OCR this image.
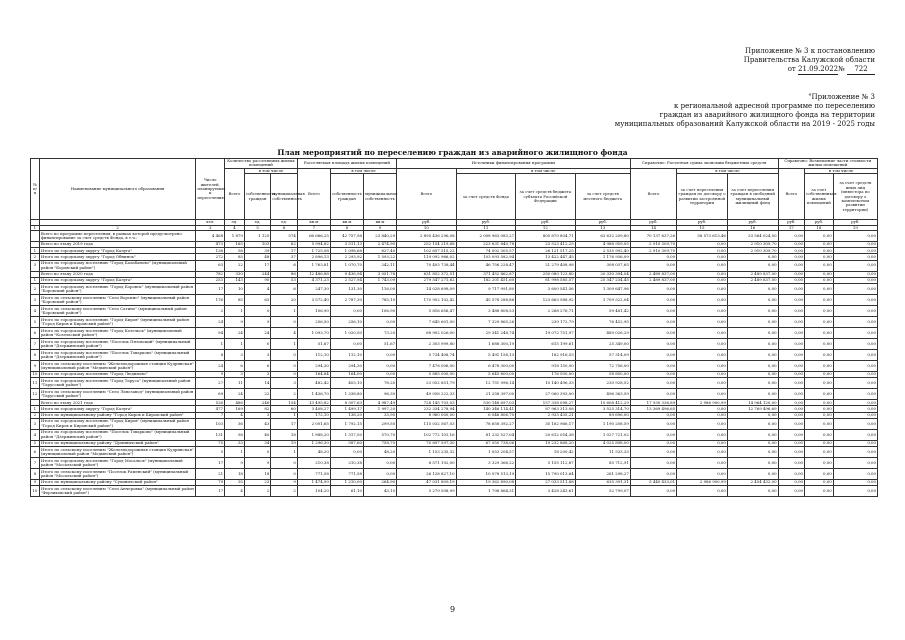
Приложение № 3 к постановлению
Правительства Калужской области
от 21.09.2022№ 722
"Приложение № 3
к региональной адресной программе по переселению
граждан из аварийного жилищного фонда на территории
муниципальных образований Калужской области на 2019 - 2025 годы
План мероприятий по переселению граждан из аварийного жилищного фонда
№ п/п	Наименование муниципального образования	Число жителей, планируемых к переселению	Количество расселяемых жилых помещений			Расселяемая площадь жилых помещений			Источники финансирования программы				Справочно: Расчетная сумма экономии бюджетных средств			Справочно: Возмещение части стоимости жилых помещений		
			Всего	в том числе		Всего	в том числе		Всего	в том числе			Всего	в том числе		Всего	в том числе	
				собственность граждан	муниципальная собственность		собственность граждан	муниципальная собственность		за счет средств Фонда	за счет средств бюджета субъекта Российской Федерации	за счет средств местного бюджета		за счет переселения граждан по договору о развитии застроенной территории	за счет переселения граждан в свободный муниципальный жилищный фонд		за счет собственников жилых помещений	за счет средств иных лиц (инвестора по договору о комплексном развитии территории)
		чел.	ед.	ед.	ед.	кв.м	кв.м	кв.м	руб.	руб.	руб.	руб.	руб.	руб.	руб.	руб.	руб.	руб.
1	2	3	4	5	6	7	8	9	10	11	12	13	14	15	16	17	18	19
	Всего по программе переселения, в рамках которой предусмотрено финансирование за счет средств Фонда, в т.ч.:	4 468	1 879	1 125	574	66 666,25	42 757,98	23 840,29	2 895 436 296,08	2 008 963 083,27	805 870 804,71	63 632 209,80	70 137 637,26	58 573 613,46	33 564 024,00	0,00	0,00	0,00
	Всего по этапу 2019 года	473	165	103	62	5 994,82	3 511,13	2 474,90	252 154 219,68	223 631 840,78	23 523 412,25	4 988 959,05	2 910 309,70	0,00	2 910 309,70	0,00	0,00	0,00
1	Итого по городскому округу "Город Калуга"	138	58	39	17	1 725,08	1 098,68	627,40	102 657 515,22	74 002 305,57	26 121 517,25	2 535 992,40	2 910 309,70	0,00	2 910 309,70	0,00	0,00	0,00
2	Итого по городскому округу "Город Обнинск"	272	85	48	37	2 896,13	2 293,92	1 593,22	119 092 966,02	103 093 582,94	13 422 447,45	1 176 936,09	0,00	0,00	0,00	0,00	0,00	0,00
3	Итого по городскому поселению "Город Балабаново" (муниципальный район "Боровский район")	63	22	17	6	1 763,81	1 070,70	242,11	70 403 738,44	46 756 228,47	21 279 408,98	308 037,65	0,00	0,00	0,00	0,00	0,00	0,00
	Всего по этапу 2020 года	782	330	244	86	12 486,88	9 436,94	3 051,76	631 852 372,51	371 452 862,87	250 080 123,80	20 330 394,04	2 489 837,00	0,00	2 489 837,00	0,00	0,00	0,00
1	Итого по городскому округу "Город Калуга"	253	143	90	53	4 371,23	2 527,94	1 743,09	279 547 271,62	182 201 451,60	81 998 585,57	25 347 234,45	2 489 837,00	0,00	2 489 837,00	0,00	0,00	0,00
2	Итого по городскому поселению "Город Боровск" (муниципальный район "Боровский район")	17	10	4	6	247,30	131,30	116,00	14 028 698,09	9 717 991,80	3 600 541,56	1 309 647,96	0,00	0,00	0,00	0,00	0,00	0,00
3	Итого по сельскому поселению "Село Ворсино" (муниципальный район "Боровский район")	176	85	63	20	3 572,40	2 787,30	785,10	170 952 102,42	45 578 288,86	123 663 588,92	1 709 522,04	0,00	0,00	0,00	0,00	0,00	0,00
4	Итого по сельскому поселению "Село Сатино" (муниципальный район "Боровский район")	2	1	0	1	106,90	0,00	106,90	5 816 656,47	3 488 808,53	2 268 276,71	59 481,42	0,00	0,00	0,00	0,00	0,00	0,00
5	Итого по городскому поселению "Город Киров" (муниципальный район "Город Киров и Кировский район")	24	9	9	0	256,50	256,10	0,00	7 645 601,00	7 329 865,26	239 172,79	76 452,95	0,00	0,00	0,00	0,00	0,00	0,00
6	Итого по городскому поселению "Город Козельск" (муниципальный район "Козельский район")	94	24	24	4	1 093,70	1 020,50	73,20	68 902 026,00	29 341 248,74	19 072 751,97	489 026,29	0,00	0,00	0,00	0,00	0,00	0,00
7	Итого по городскому поселению "Поселок Пятовский" (муниципальный район "Дзержинский район")	1	1	0	1	51,67	0,00	51,67	2 303 999,80	1 688 300,19	615 199,61	25 349,00	0,00	0,00	0,00	0,00	0,00	0,00
8	Итого по городскому поселению "Поселок Товарково" (муниципальный район "Дзержинский район")	8	3	3	0	112,10	112,10	0,00	5 734 408,74	5 491 158,13	182 916,53	57 314,09	0,00	0,00	0,00	0,00	0,00	0,00
9	Итого по сельскому поселению "Железнодорожная станция Кудринская" (муниципальный район "Медынский район")	24	6	6	0	294,30	294,30	0,00	7 478 006,00	6 478 300,00	918 150,00	72 756,00	0,00	0,00	0,00	0,00	0,00	0,00
10	Итого по городскому поселению "Город Людиново"	9	3	3	0	164,84	164,00	0,00	5 885 000,00	5 645 600,00	176 500,00	58 850,00	0,00	0,00	0,00	0,00	0,00	0,00
11	Итого по городскому поселению "Город Таруса" (муниципальный район "Тарусский район")	27	11	14	3	482,42	403,10	78,20	23 052 851,79	12 751 996,14	10 140 496,33	230 928,52	0,00	0,00	0,00	0,00	0,00	0,00
12	Итого по сельскому поселению "Село Льнозавод" (муниципальный район "Тарусский район")	69	24	22	2	1 436,70	1 338,80	96,30	49 058 222,33	21 258 397,00	27 060 393,00	496 363,59	0,00	0,00	0,00	0,00	0,00	0,00
	Всего по этапу 2021 года	526	486	246	154	13 495,82	8 507,63	4 987,49	728 145 703,03	530 148 697,03	157 338 098,27	10 608 412,29	17 930 336,89	2 986 900,99	14 964 120,00	0,00	0,00	0,00
1	Итого по городскому округу "Город Калуга"	477	169	82	60	3 408,27	1 499,17	1 997,20	232 334 278,94	140 346 114,41	87 963 313,08	3 525 314,70	13 369 496,65	0,00	12 769 496,69	0,00	0,00	0,00
2	Итого по муниципальному району "Город Киров и Кировский район"	7	4	3	1	172,10	138,20	33,90	8 960 000,00	6 046 806,70	2 933 435,21	89 696,00	0,00	0,00	0,00	0,00	0,00	0,00
3	Итого по городскому поселению "Город Киров" (муниципальный район "Город Киров и Кировский район")	103	36	43	17	2 001,65	1 792,15	299,50	115 032 567,03	78 658 392,27	35 182 966,17	1 190 208,59	0,00	0,00	0,00	0,00	0,00	0,00
4	Итого по городскому поселению "Поселок Товарково" (муниципальный район "Дзержинский район")	131	58	40	18	1 888,20	1 317,50	570,70	102 772 101,16	81 232 527,04	20 612 054,38	1 027 721,02	0,00	0,00	0,00	0,00	0,00	0,00
5	Итого по муниципальному району "Думиничский район"	75	33	34	19	1 296,30	587,60	758,70	70 897 597,30	67 050 738,06	19 232 868,20	4 025 898,00	0,00	0,00	0,00	0,00	0,00	0,00
6	Итого по сельскому поселению "Железнодорожная станция Кудринская" (муниципальный район "Медынский район")	5	1	0	1	48,20	0,00	48,20	1 153 235,32	1 053 204,57	18 200,42	11 533,33	0,00	0,00	0,00	0,00	0,00	0,00
7	Итого по городскому поселению "Город Мосальск" (муниципальный район "Мосальский район")	17	9	9	0	210,38	210,38	0,00	8 571 192,00	3 329 366,22	5 155 112,87	85 712,91	0,00	0,00	0,00	0,00	0,00	0,00
8	Итого по сельскому поселению "Поселок Раменский" (муниципальный район "Мосальский район")	21	18	18	0	771,58	771,58	0,00	26 128 827,10	10 078 513,19	15 790 013,64	261 298,27	0,00	0,00	0,00	0,00	0,00	0,00
9	Итого по муниципальному району "Сухиничский район"	79	35	23	9	1 474,90	1 210,00	264,90	47 031 809,19	19 362 890,08	27 033 511,88	635 391,31	5 440 433,01	2 986 900,99	2 454 432,00	0,00	0,00	0,00
10	Итого по сельскому поселению "Село Анчеровка" (муниципальный район "Ферзиковский район")	17	4	2	2	104,20	61,10	43,10	5 279 508,99	1 798 864,31	3 428 243,61	52 799,07	0,00	0,00	0,00	0,00	0,00	0,00
9
